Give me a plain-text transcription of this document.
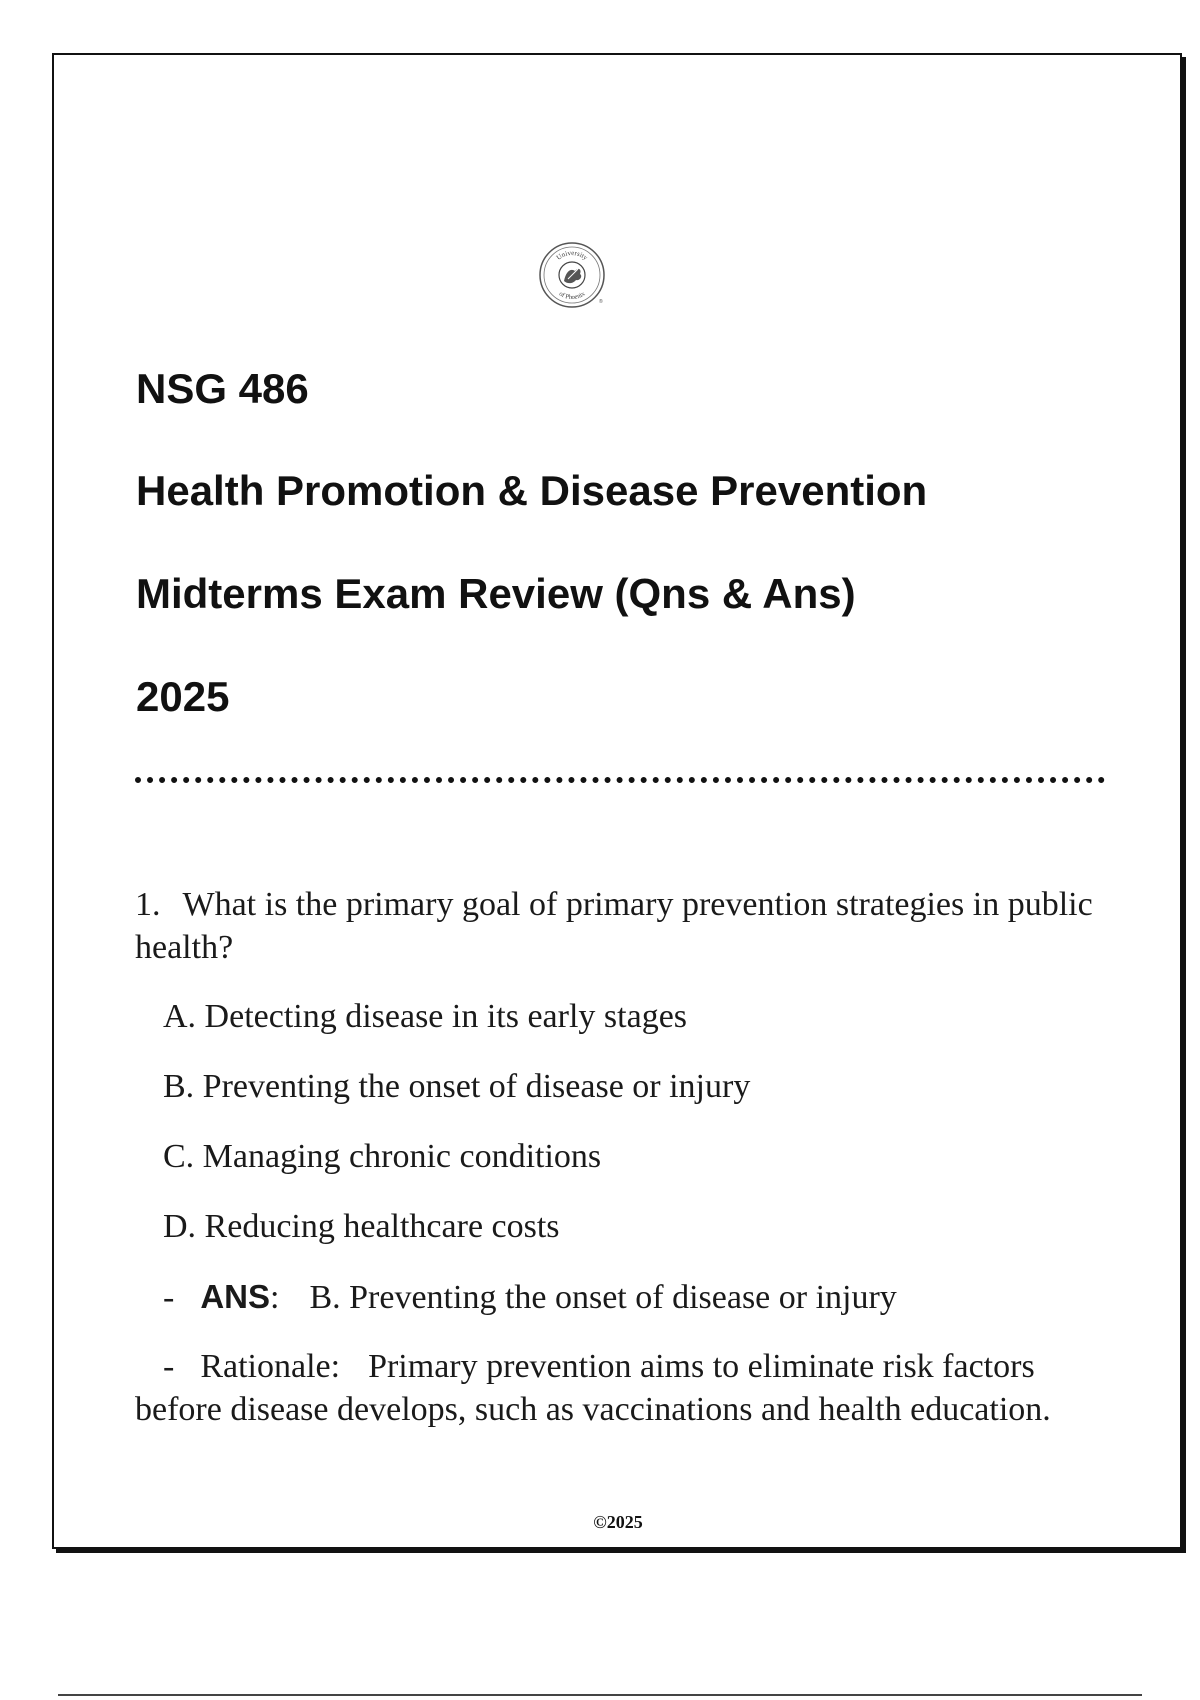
University
of Phoenix
®
NSG 486
Health Promotion & Disease Prevention
Midterms Exam Review (Qns & Ans)
2025

1. What is the primary goal of primary prevention strategies in public health?

A. Detecting disease in its early stages

B. Preventing the onset of disease or injury

C. Managing chronic conditions

D. Reducing healthcare costs

- ANS: B. Preventing the onset of disease or injury

- Rationale: Primary prevention aims to eliminate risk factors before disease develops, such as vaccinations and health education.

©2025
